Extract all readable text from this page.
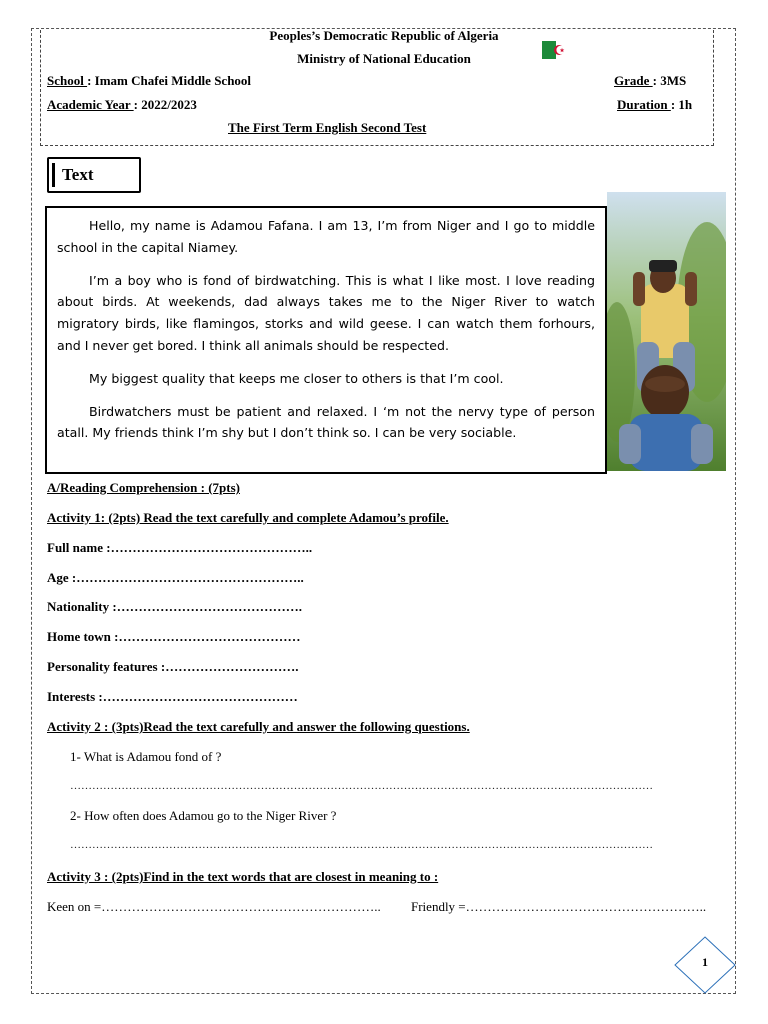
Peoples’s Democratic Republic of Algeria
Ministry of National Education
School : Imam Chafei Middle School	Grade : 3MS
Academic Year : 2022/2023	Duration : 1h
The First Term English Second Test
Text

Hello, my name is Adamou Fafana. I am 13, I’m from Niger and I go to middle school in the capital Niamey.

I’m a boy who is fond of birdwatching. This is what I like most. I love reading about birds. At weekends, dad always takes me to the Niger River to watch migratory birds, like flamingos, storks and wild geese. I can watch them forhours, and I never get bored. I think all animals should be respected.

My biggest quality that keeps me closer to others is that I’m cool.

Birdwatchers must be patient and relaxed. I ‘m not the nervy type of person atall. My friends think I’m shy but I don’t think so. I can be very sociable.

A/Reading Comprehension : (7pts)
Activity 1: (2pts) Read the text carefully and complete Adamou’s profile.
Full name :………………………………………..
Age :……………………………………………..
Nationality :…………………………………….
Home town :……………………………………
Personality features :………………………….
Interests :………………………………………
Activity 2 : (3pts)Read the text carefully and answer the following questions.
1- What is Adamou fond of ?
……………………………………………………………………………………………………………………………………………
2- How often does Adamou go to the Niger River ?
……………………………………………………………………………………………………………………………………………
Activity 3 : (2pts)Find in the text words that are closest in meaning to :
Keen on =……………………………………………………….. Friendly =………………………………………………..
1
